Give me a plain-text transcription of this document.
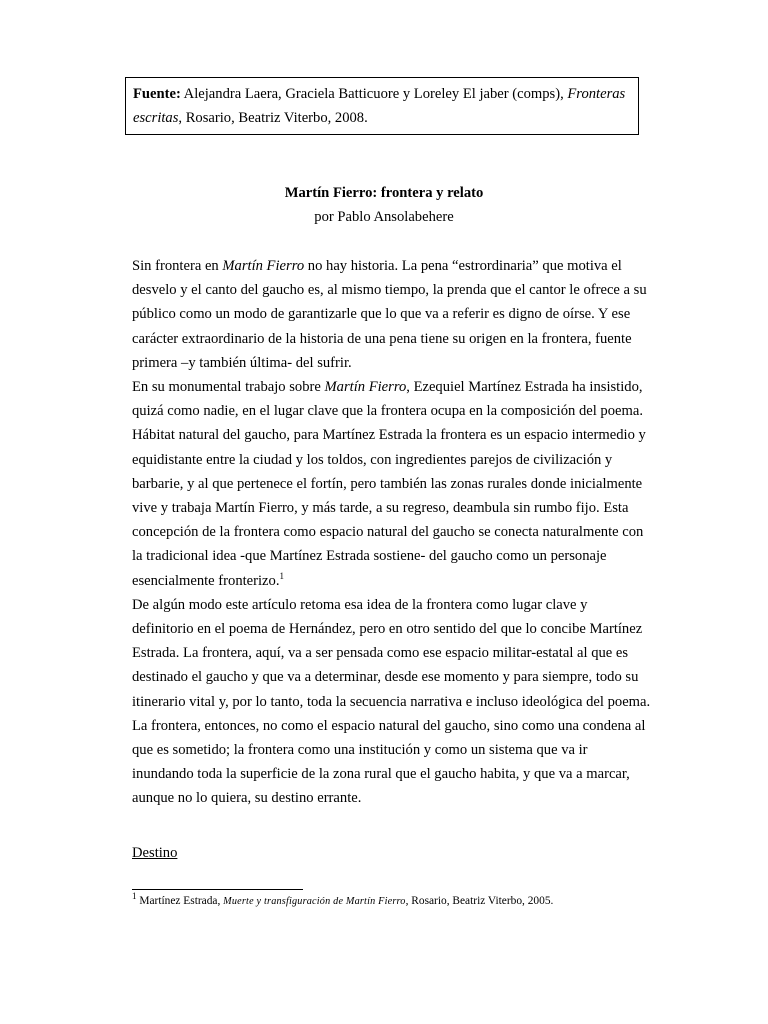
Fuente: Alejandra Laera, Graciela Batticuore y Loreley El jaber (comps), Fronteras escritas, Rosario, Beatriz Viterbo, 2008.
Martín Fierro: frontera y relato
por Pablo Ansolabehere

Sin frontera en Martín Fierro no hay historia. La pena “estrordinaria” que motiva el desvelo y el canto del gaucho es, al mismo tiempo, la prenda que el cantor le ofrece a su público como un modo de garantizarle que lo que va a referir es digno de oírse. Y ese carácter extraordinario de la historia de una pena tiene su origen en la frontera, fuente primera –y también última- del sufrir.

En su monumental trabajo sobre Martín Fierro, Ezequiel Martínez Estrada ha insistido, quizá como nadie, en el lugar clave que la frontera ocupa en la composición del poema. Hábitat natural del gaucho, para Martínez Estrada la frontera es un espacio intermedio y equidistante entre la ciudad y los toldos, con ingredientes parejos de civilización y barbarie, y al que pertenece el fortín, pero también las zonas rurales donde inicialmente vive y trabaja Martín Fierro, y más tarde, a su regreso, deambula sin rumbo fijo. Esta concepción de la frontera como espacio natural del gaucho se conecta naturalmente con la tradicional idea -que Martínez Estrada sostiene- del gaucho como un personaje esencialmente fronterizo.$^1$

De algún modo este artículo retoma esa idea de la frontera como lugar clave y definitorio en el poema de Hernández, pero en otro sentido del que lo concibe Martínez Estrada. La frontera, aquí, va a ser pensada como ese espacio militar-estatal al que es destinado el gaucho y que va a determinar, desde ese momento y para siempre, todo su itinerario vital y, por lo tanto, toda la secuencia narrativa e incluso ideológica del poema. La frontera, entonces, no como el espacio natural del gaucho, sino como una condena al que es sometido; la frontera como una institución y como un sistema que va ir inundando toda la superficie de la zona rural que el gaucho habita, y que va a marcar, aunque no lo quiera, su destino errante.

Destino
$^1$ Martínez Estrada, Muerte y transfiguración de Martín Fierro, Rosario, Beatriz Viterbo, 2005.
